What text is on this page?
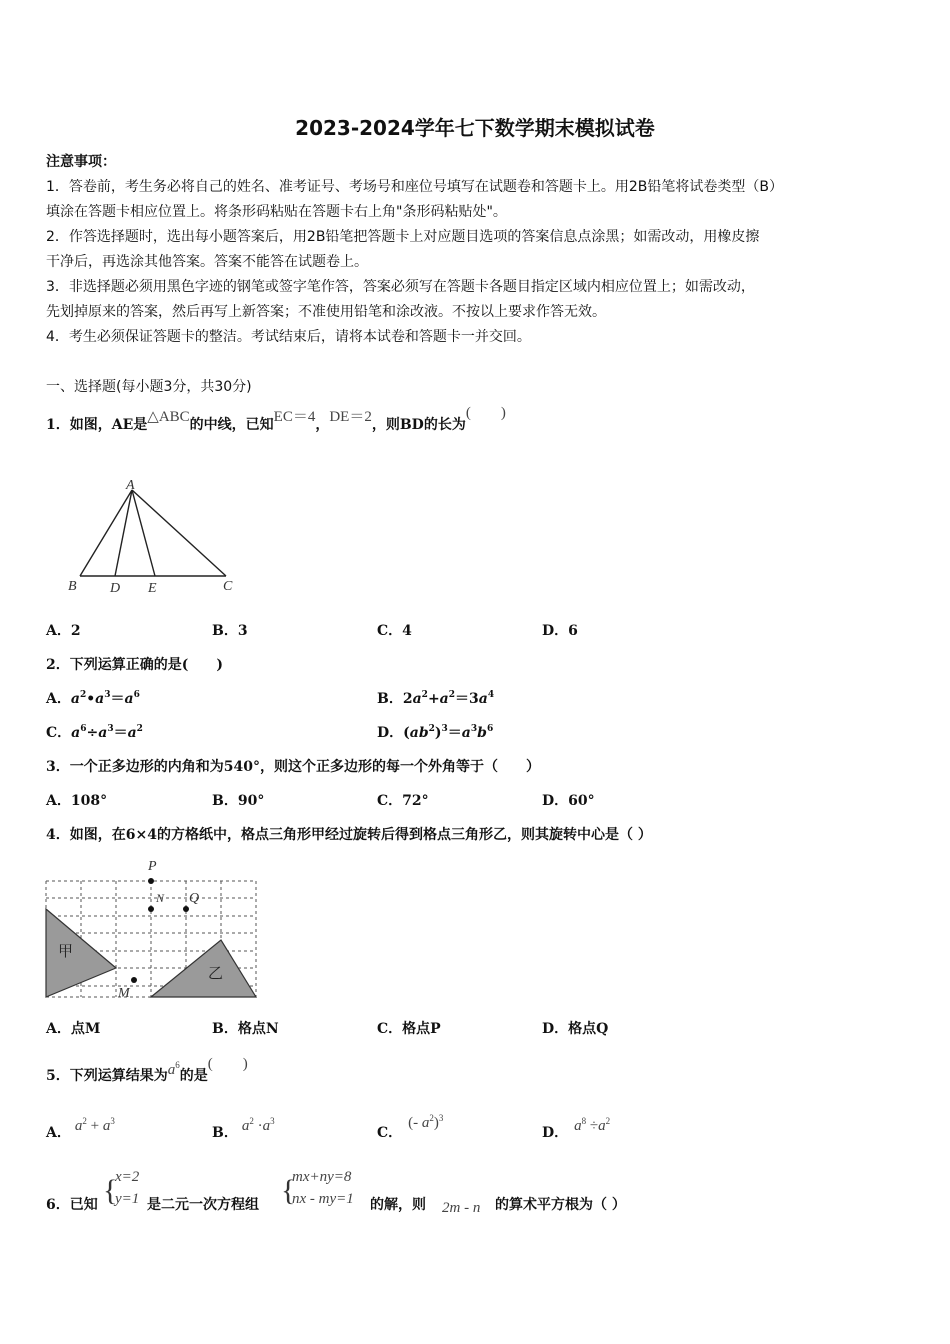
2023-2024学年七下数学期末模拟试卷
注意事项：
1．答卷前，考生务必将自己的姓名、准考证号、考场号和座位号填写在试题卷和答题卡上。用2B铅笔将试卷类型（B）
填涂在答题卡相应位置上。将条形码粘贴在答题卡右上角"条形码粘贴处"。
2．作答选择题时，选出每小题答案后，用2B铅笔把答题卡上对应题目选项的答案信息点涂黑；如需改动，用橡皮擦
干净后，再选涂其他答案。答案不能答在试题卷上。
3．非选择题必须用黑色字迹的钢笔或签字笔作答，答案必须写在答题卡各题目指定区域内相应位置上；如需改动，
先划掉原来的答案，然后再写上新答案；不准使用铅笔和涂改液。不按以上要求作答无效。
4．考生必须保证答题卡的整洁。考试结束后，请将本试卷和答题卡一并交回。
一、选择题(每小题3分，共30分)
1．如图，AE是△ABC的中线，已知EC＝4，DE＝2，则BD的长为(　　)
A
B D E	C
A．2	B．3	C．4	D．6
2．下列运算正确的是(　　)
A．$a^2•a^3=a^6$	B．$2a^2+a^2=3a^4$
C．$a^6\div a^3=a^2$	D．$(ab^2)^3=a^3b^6$
3．一个正多边形的内角和为540°，则这个正多边形的每一个外角等于（　　）
A．108°	B．90°	C．72°	D．60°
4．如图，在6×4的方格纸中，格点三角形甲经过旋转后得到格点三角形乙，则其旋转中心是（ ）
P
N Q
M
甲
乙
A．点M	B．格点N	C．格点P	D．格点Q
5．下列运算结果为$a^6$的是(　　)
A． $a^2 + a^3$
B． $a^2 \cdot a^3$
C．(- $a^2)^3$
D． $a^8 \div a^2$
6．已知 {
x=2
y=1 是二元一次方程组 {
mx+ny=8
nx - my=1 的解，则 2m - n 的算术平方根为（ ）
